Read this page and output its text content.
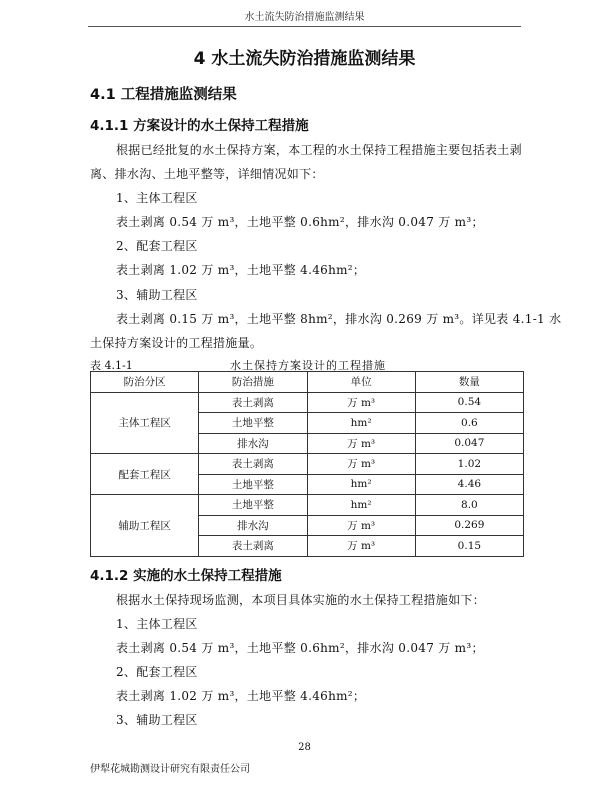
水土流失防治措施监测结果
4 水土流失防治措施监测结果
4.1 工程措施监测结果
4.1.1 方案设计的水土保持工程措施
根据已经批复的水土保持方案，本工程的水土保持工程措施主要包括表土剥
离、排水沟、土地平整等，详细情况如下：
1、主体工程区
表土剥离 0.54 万 m³，土地平整 0.6hm²，排水沟 0.047 万 m³；
2、配套工程区
表土剥离 1.02 万 m³，土地平整 4.46hm²；
3、辅助工程区
表土剥离 0.15 万 m³，土地平整 8hm²，排水沟 0.269 万 m³。详见表 4.1-1 水
土保持方案设计的工程措施量。
表 4.1-1	水土保持方案设计的工程措施
防治分区	防治措施	单位	数量
主体工程区	表土剥离	万 m³	0.54
	土地平整	hm²	0.6
	排水沟	万 m³	0.047
配套工程区	表土剥离	万 m³	1.02
	土地平整	hm²	4.46
辅助工程区	土地平整	hm²	8.0
	排水沟	万 m³	0.269
	表土剥离	万 m³	0.15
4.1.2 实施的水土保持工程措施
根据水土保持现场监测，本项目具体实施的水土保持工程措施如下：
1、主体工程区
表土剥离 0.54 万 m³，土地平整 0.6hm²，排水沟 0.047 万 m³；
2、配套工程区
表土剥离 1.02 万 m³，土地平整 4.46hm²；
3、辅助工程区
28
伊犁花城勘测设计研究有限责任公司
